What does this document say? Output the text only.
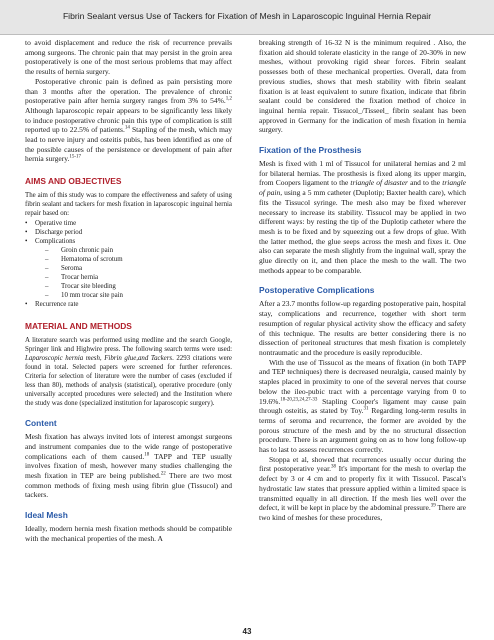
Fibrin Sealant versus Use of Tackers for Fixation of Mesh in Laparoscopic Inguinal Hernia Repair

to avoid displacement and reduce the risk of recurrence prevails among surgeons. The chronic pain that may persist in the groin area postoperatively is one of the most serious problems that may affect the results of hernia surgery.

Postoperative chronic pain is defined as pain persisting more than 3 months after the operation. The prevalence of chronic postoperative pain after hernia surgery ranges from 3% to 54%.$^{1,2}$ Although laparoscopic repair appears to be significantly less likely to induce postoperative chronic pain this type of complication is still reported up to 22.5% of patients.$^{14}$ Stapling of the mesh, which may lead to nerve injury and osteitis pubis, has been identified as one of the possible causes of the persistence or development of pain after hernia surgery.$^{15-17}$

AIMS AND OBJECTIVES

The aim of this study was to compare the effectiveness and safety of using fibrin sealant and tackers for mesh fixation in laparoscopic inguinal hernia repair based on:

• Operative time
• Discharge period
• Complications
– Groin chronic pain
– Hematoma of scrotum
– Seroma
– Trocar hernia
– Trocar site bleeding
– 10 mm trocar site pain
• Recurrence rate
MATERIAL AND METHODS

A literature search was performed using medline and the search Google, Springer link and Highwire press. The following search terms were used: Laparoscopic hernia mesh, Fibrin glue,and Tackers. 2293 citations were found in total. Selected papers were screened for further references. Criteria for selection of literature were the number of cases (excluded if less than 80), methods of analysis (statistical), operative procedure (only universally accepted procedures were selected) and the Institution where the study was done (specialized institution for laparoscopic surgery).

Content

Mesh fixation has always invited lots of interest amongst surgeons and instrument companies due to the wide range of postoperative complications each of them caused.$^{18}$ TAPP and TEP usually involves fixation of mesh, however many studies challenging the mesh fixation in TEP are being published.$^{22}$ There are two most common methods of fixing mesh using fibrin glue (Tissucol) and tackers.

Ideal Mesh

Ideally, modern hernia mesh fixation methods should be compatible with the mechanical properties of the mesh. A

breaking strength of 16-32 N is the minimum required . Also, the fixation aid should tolerate elasticity in the range of 20-30% in new meshes, without provoking rigid shear forces. Fibrin sealant possesses both of these mechanical properties. Overall, data from previous studies, shows that mesh stability with fibrin sealant fixation is at least equivalent to suture fixation, indicate that fibrin sealant could be considered the fixation method of choice in inguinal hernia repair. Tissucol_/Tisseel_ fibrin sealant has been approved in Germany for the indication of mesh fixation in hernia surgery.

Fixation of the Prosthesis

Mesh is fixed with 1 ml of Tissucol for unilateral hernias and 2 ml for bilateral hernias. The prosthesis is fixed along its upper margin, from Coopers ligament to the triangle of disaster and to the triangle of pain, using a 5 mm catheter (Duplotip; Baxter health care), which fits the Tissucol syringe. The mesh also may be fixed wherever necessary to increase its stability. Tissucol may be applied in two different ways: by resting the tip of the Duplotip catheter where the mesh is to be fixed and by squeezing out a few drops of glue. With the latter method, the glue seeps across the mesh and fixes it. One also can separate the mesh slightly from the inguinal wall, spray the glue directly on it, and then place the mesh to the wall. The two methods appear to be comparable.

Postoperative Complications

After a 23.7 months follow-up regarding postoperative pain, hospital stay, complications and recurrence, together with short term resumption of regular physical activity show the efficacy and safety of this technique. The results are better considering there is no dissection of peritoneal structures that mesh fixation is completely nontraumatic and the procedure is easily reproducible.

With the use of Tissucol as the means of fixation (in both TAPP and TEP techniques) there is decreased neuralgia, caused mainly by staples placed in proximity to one of the several nerves that course below the ileo-pubic tract with a percentage varying from 0 to 19.6%.$^{18-20,23,24,27-33}$ Stapling Cooper's ligament may cause pain through osteitis, as stated by Toy.$^{31}$ Regarding long-term results in terms of seroma and recurrence, the former are avoided by the porous structure of the mesh and by the no structural dissection procedure. There is an argument going on as to how long follow-up has to last to assess recurrences correctly.

Stoppa et al, showed that recurrences usually occur during the first postoperative year.$^{38}$ It's important for the mesh to overlap the defect by 3 or 4 cm and to properly fix it with Tissucol. Pascal's hydrostatic law states that pressure applied within a limited space is transmitted equally in all direction. If the mesh lies well over the defect, it will be kept in place by the abdominal pressure.$^{39}$ There are two kind of meshes for these procedures,

43
